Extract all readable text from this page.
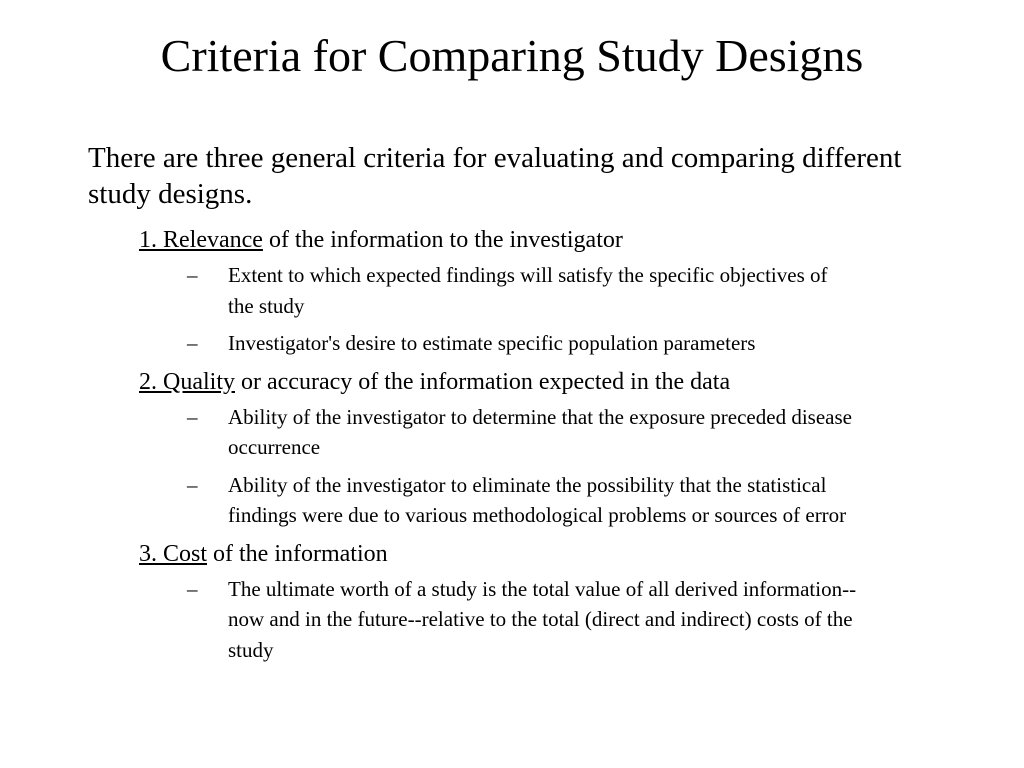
Criteria for Comparing Study Designs

There are three general criteria for evaluating and comparing different study designs.

1. Relevance of the information to the investigator

– Extent to which expected findings will satisfy the specific objectives of the study
– Investigator's desire to estimate specific population parameters

2. Quality or accuracy of the information expected in the data

– Ability of the investigator to determine that the exposure preceded disease occurrence
– Ability of the investigator to eliminate the possibility that the statistical findings were due to various methodological problems or sources of error

3. Cost of the information

– The ultimate worth of a study is the total value of all derived information--now and in the future--relative to the total (direct and indirect) costs of the study
